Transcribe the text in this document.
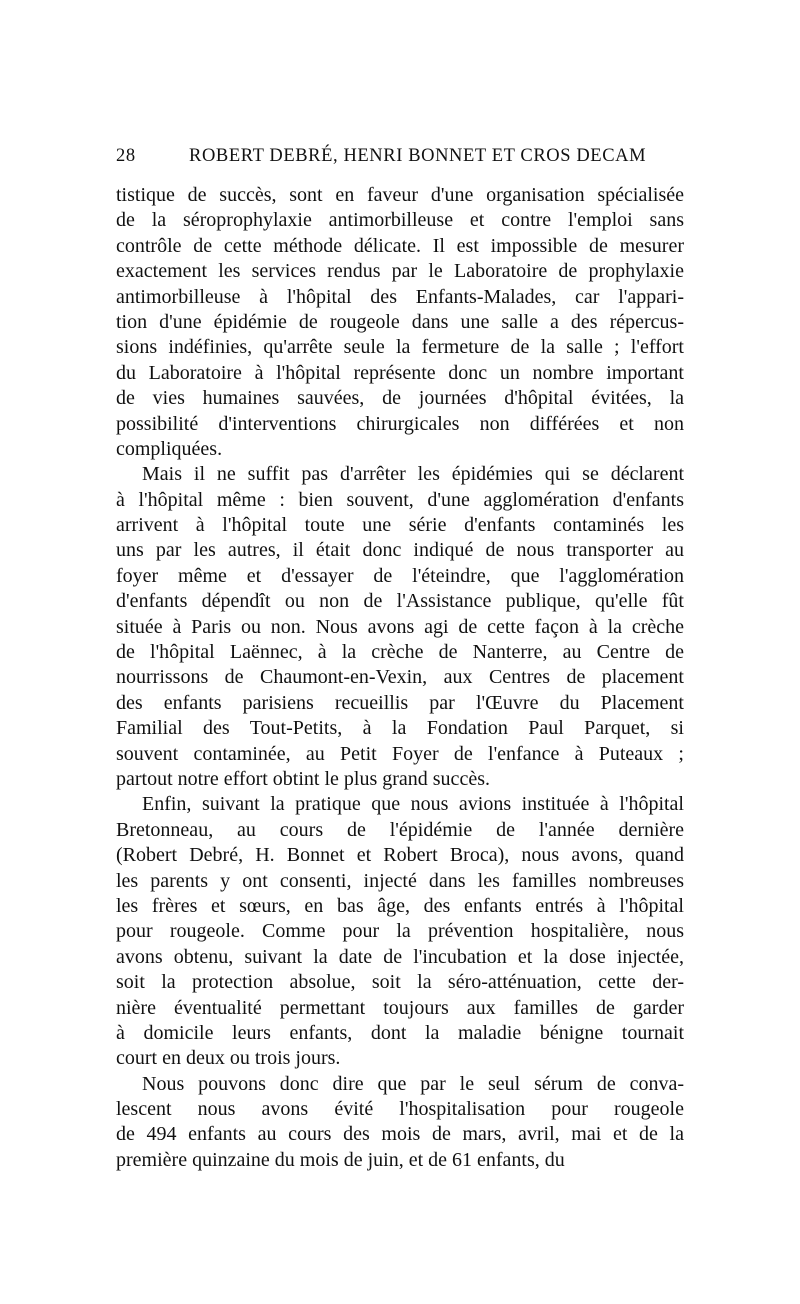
28	ROBERT DEBRÉ, HENRI BONNET ET CROS DECAM
tistique de succès, sont en faveur d'une organisation spécialisée
de la séroprophylaxie antimorbilleuse et contre l'emploi sans
contrôle de cette méthode délicate. Il est impossible de mesurer
exactement les services rendus par le Laboratoire de prophylaxie
antimorbilleuse à l'hôpital des Enfants-Malades, car l'appari-
tion d'une épidémie de rougeole dans une salle a des répercus-
sions indéfinies, qu'arrête seule la fermeture de la salle ; l'effort
du Laboratoire à l'hôpital représente donc un nombre important
de vies humaines sauvées, de journées d'hôpital évitées, la
possibilité d'interventions chirurgicales non différées et non
compliquées.
Mais il ne suffit pas d'arrêter les épidémies qui se déclarent
à l'hôpital même : bien souvent, d'une agglomération d'enfants
arrivent à l'hôpital toute une série d'enfants contaminés les
uns par les autres, il était donc indiqué de nous transporter au
foyer même et d'essayer de l'éteindre, que l'agglomération
d'enfants dépendît ou non de l'Assistance publique, qu'elle fût
située à Paris ou non. Nous avons agi de cette façon à la crèche
de l'hôpital Laënnec, à la crèche de Nanterre, au Centre de
nourrissons de Chaumont-en-Vexin, aux Centres de placement
des enfants parisiens recueillis par l'Œuvre du Placement
Familial des Tout-Petits, à la Fondation Paul Parquet, si
souvent contaminée, au Petit Foyer de l'enfance à Puteaux ;
partout notre effort obtint le plus grand succès.
Enfin, suivant la pratique que nous avions instituée à l'hôpital
Bretonneau, au cours de l'épidémie de l'année dernière
(Robert Debré, H. Bonnet et Robert Broca), nous avons, quand
les parents y ont consenti, injecté dans les familles nombreuses
les frères et sœurs, en bas âge, des enfants entrés à l'hôpital
pour rougeole. Comme pour la prévention hospitalière, nous
avons obtenu, suivant la date de l'incubation et la dose injectée,
soit la protection absolue, soit la séro-atténuation, cette der-
nière éventualité permettant toujours aux familles de garder
à domicile leurs enfants, dont la maladie bénigne tournait
court en deux ou trois jours.
Nous pouvons donc dire que par le seul sérum de conva-
lescent nous avons évité l'hospitalisation pour rougeole
de 494 enfants au cours des mois de mars, avril, mai et de la
première quinzaine du mois de juin, et de 61 enfants, du
